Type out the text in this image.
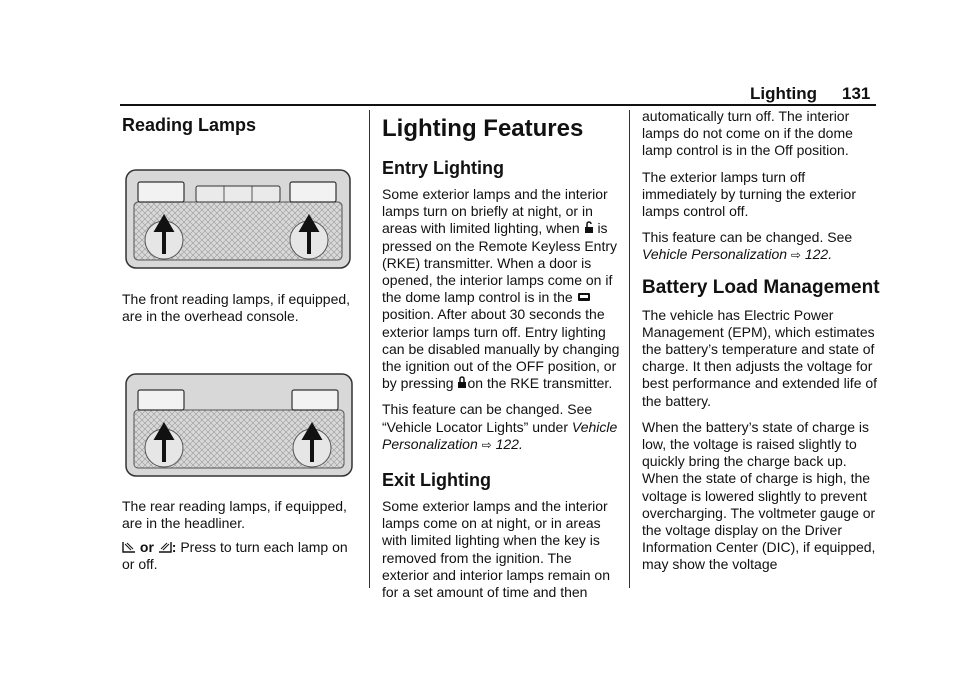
Lighting 131
Reading Lamps

The front reading lamps, if equipped, are in the overhead console.

The rear reading lamps, if equipped, are in the headliner.

or : Press to turn each lamp on or off.

Lighting Features
Entry Lighting

Some exterior lamps and the interior lamps turn on briefly at night, or in areas with limited lighting, when is pressed on the Remote Keyless Entry (RKE) transmitter. When a door is opened, the interior lamps come on if the dome lamp control is in the position. After about 30 seconds the exterior lamps turn off. Entry lighting can be disabled manually by changing the ignition out of the OFF position, or by pressing on the RKE transmitter.

This feature can be changed. See “Vehicle Locator Lights” under Vehicle Personalization ⇨ 122.

Exit Lighting

Some exterior lamps and the interior lamps come on at night, or in areas with limited lighting when the key is removed from the ignition. The exterior and interior lamps remain on for a set amount of time and then

automatically turn off. The interior lamps do not come on if the dome lamp control is in the Off position.

The exterior lamps turn off immediately by turning the exterior lamps control off.

This feature can be changed. See Vehicle Personalization ⇨ 122.

Battery Load Management

The vehicle has Electric Power Management (EPM), which estimates the battery’s temperature and state of charge. It then adjusts the voltage for best performance and extended life of the battery.

When the battery’s state of charge is low, the voltage is raised slightly to quickly bring the charge back up. When the state of charge is high, the voltage is lowered slightly to prevent overcharging. The voltmeter gauge or the voltage display on the Driver Information Center (DIC), if equipped, may show the voltage
